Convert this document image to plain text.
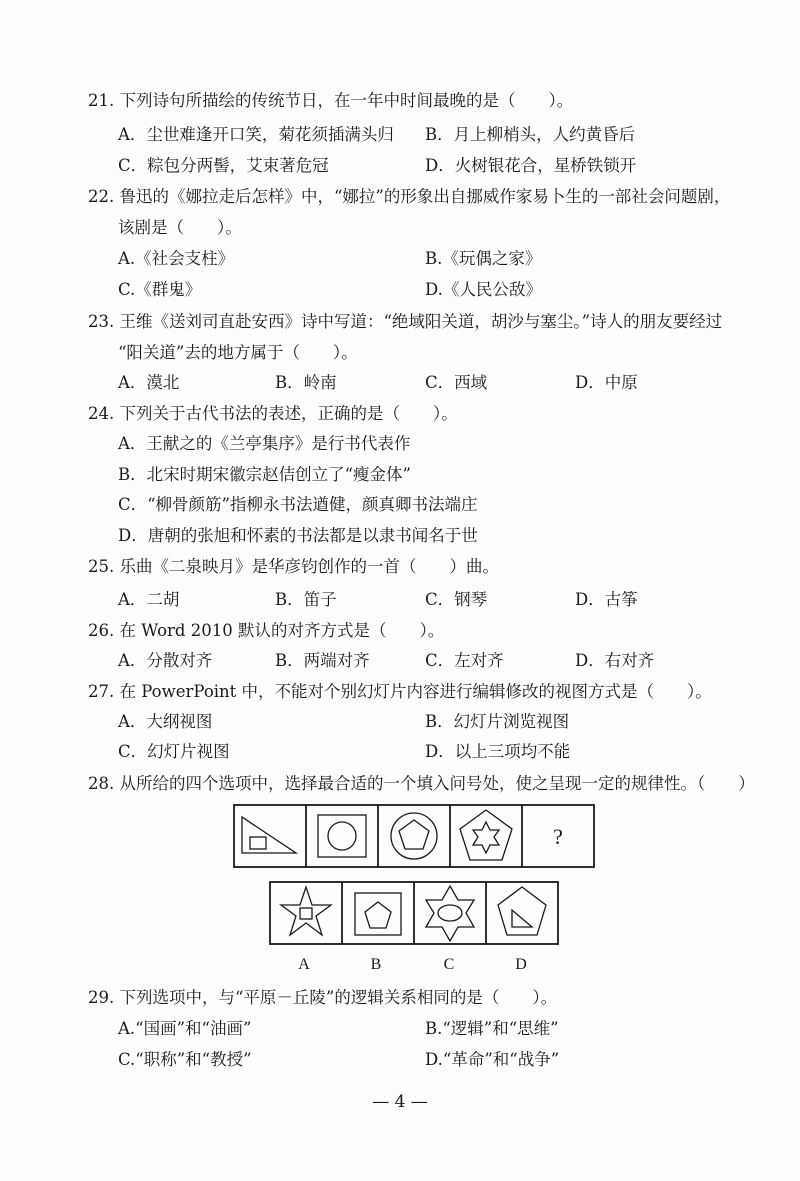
21. 下列诗句所描绘的传统节日，在一年中时间最晚的是（　　）。
A．尘世难逢开口笑，菊花须插满头归 B．月上柳梢头，人约黄昏后
C．粽包分两髻，艾束著危冠	D．火树银花合，星桥铁锁开
22. 鲁迅的《娜拉走后怎样》中，“娜拉”的形象出自挪威作家易卜生的一部社会问题剧，
该剧是（　　）。
A.《社会支柱》	B.《玩偶之家》
C.《群鬼》	D.《人民公敌》
23. 王维《送刘司直赴安西》诗中写道：“绝域阳关道，胡沙与塞尘。”诗人的朋友要经过
“阳关道”去的地方属于（　　）。
A．漠北	B．岭南	C．西域	D．中原
24. 下列关于古代书法的表述，正确的是（　　）。
A．王献之的《兰亭集序》是行书代表作
B．北宋时期宋徽宗赵佶创立了“瘦金体”
C．“柳骨颜筋”指柳永书法遒健，颜真卿书法端庄
D．唐朝的张旭和怀素的书法都是以隶书闻名于世
25. 乐曲《二泉映月》是华彦钧创作的一首（　　）曲。
A．二胡	B．笛子	C．钢琴	D．古筝
26. 在 Word 2010 默认的对齐方式是（　　）。
A．分散对齐	B．两端对齐	C．左对齐	D．右对齐
27. 在 PowerPoint 中，不能对个别幻灯片内容进行编辑修改的视图方式是（　　）。
A．大纲视图	B．幻灯片浏览视图
C．幻灯片视图	D．以上三项均不能
28. 从所给的四个选项中，选择最合适的一个填入问号处，使之呈现一定的规律性。（　　）
?
A	B	C	D
29. 下列选项中，与“平原－丘陵”的逻辑关系相同的是（　　）。
A.“国画”和“油画”	B.“逻辑”和“思维”
C.“职称”和“教授”	D.“革命”和“战争”
— 4 —
